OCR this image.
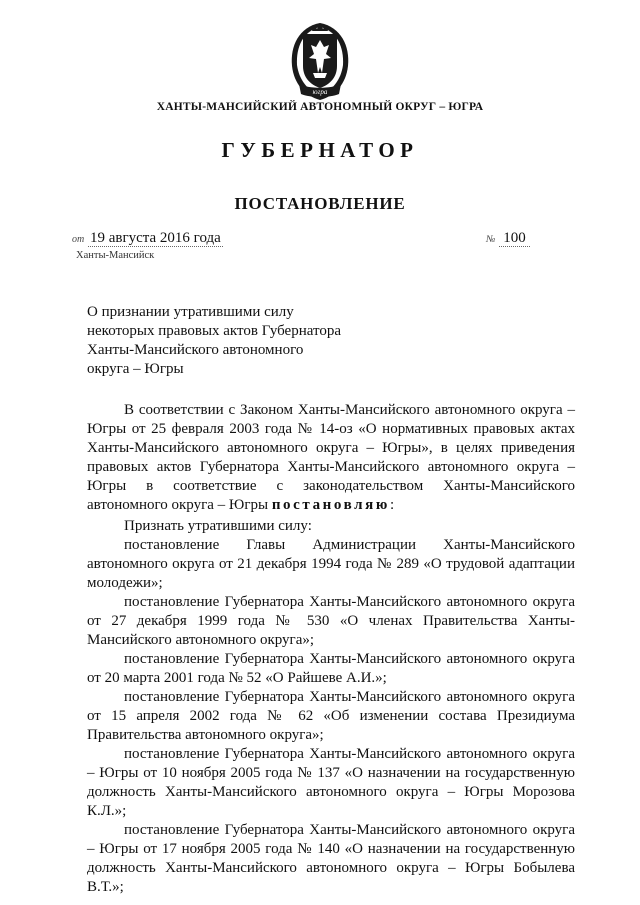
югра
ХАНТЫ-МАНСИЙСКИЙ АВТОНОМНЫЙ ОКРУГ – ЮГРА
ГУБЕРНАТОР
ПОСТАНОВЛЕНИЕ
от 19 августа 2016 года	№ 100
Ханты-Мансийск
О признании утратившими силу некоторых правовых актов Губернатора Ханты-Мансийского автономного округа – Югры

В соответствии с Законом Ханты-Мансийского автономного округа – Югры от 25 февраля 2003 года № 14-оз «О нормативных правовых актах Ханты-Мансийского автономного округа – Югры», в целях приведения правовых актов Губернатора Ханты-Мансийского автономного округа – Югры в соответствие с законодательством Ханты-Мансийского автономного округа – Югры постановляю:

Признать утратившими силу:

постановление Главы Администрации Ханты-Мансийского автономного округа от 21 декабря 1994 года № 289 «О трудовой адаптации молодежи»;

постановление Губернатора Ханты-Мансийского автономного округа от 27 декабря 1999 года № 530 «О членах Правительства Ханты-Мансийского автономного округа»;

постановление Губернатора Ханты-Мансийского автономного округа от 20 марта 2001 года № 52 «О Райшеве А.И.»;

постановление Губернатора Ханты-Мансийского автономного округа от 15 апреля 2002 года № 62 «Об изменении состава Президиума Правительства автономного округа»;

постановление Губернатора Ханты-Мансийского автономного округа – Югры от 10 ноября 2005 года № 137 «О назначении на государственную должность Ханты-Мансийского автономного округа – Югры Морозова К.Л.»;

постановление Губернатора Ханты-Мансийского автономного округа – Югры от 17 ноября 2005 года № 140 «О назначении на государственную должность Ханты-Мансийского автономного округа – Югры Бобылева В.Т.»;
